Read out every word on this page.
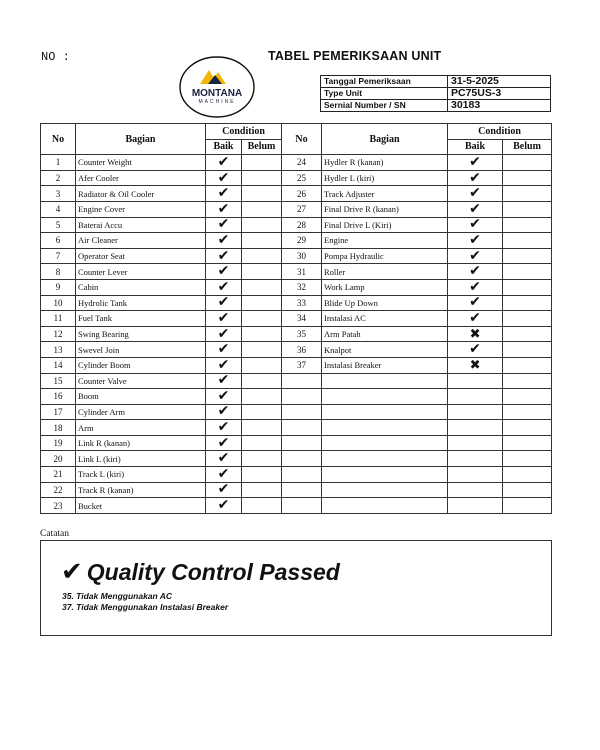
NO :	TABEL PEMERIKSAAN UNIT
MONTANA
MACHINE
Tanggal Pemeriksaan	31-5-2025
Type Unit	PC75US-3
Sernial Number / SN	30183
No	Bagian	Condition		No	Bagian	Condition	
		Baik	Belum			Baik	Belum
1	Counter Weight	✔		24	Hydler R (kanan)	✔	
2	Afer Cooler	✔		25	Hydler L (kiri)	✔	
3	Radiator & Oil Cooler	✔		26	Track Adjuster	✔	
4	Engine Cover	✔		27	Final Drive R (kanan)	✔	
5	Baterai Accu	✔		28	Final Drive L (Kiri)	✔	
6	Air Cleaner	✔		29	Engine	✔	
7	Operator Seat	✔		30	Pompa Hydraulic	✔	
8	Counter Lever	✔		31	Roller	✔	
9	Cabin	✔		32	Work Lamp	✔	
10	Hydrolic Tank	✔		33	Blide Up Down	✔	
11	Fuel Tank	✔		34	Instalasi AC	✔	
12	Swing Bearing	✔		35	Arm Patah	✖	
13	Swevel Join	✔		36	Knalpot	✔	
14	Cylinder Boom	✔		37	Instalasi Breaker	✖	
15	Counter Valve	✔					
16	Boom	✔					
17	Cylinder Arm	✔					
18	Arm	✔					
19	Link R (kanan)	✔					
20	Link L (kiri)	✔					
21	Track L (kiri)	✔					
22	Track R (kanan)	✔					
23	Bucket	✔					
Catatan
✔ Quality Control Passed
35. Tidak Menggunakan AC
37. Tidak Menggunakan Instalasi Breaker
